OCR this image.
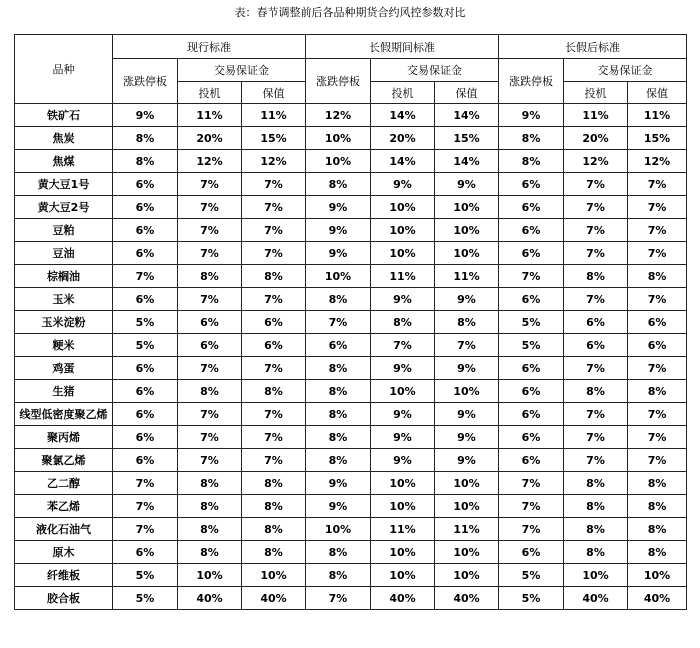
表：春节调整前后各品种期货合约风控参数对比
品种	现行标准			长假期间标准			长假后标准		
	涨跌停板	交易保证金		涨跌停板	交易保证金		涨跌停板	交易保证金	
		投机	保值		投机	保值		投机	保值
铁矿石	9%	11%	11%	12%	14%	14%	9%	11%	11%
焦炭	8%	20%	15%	10%	20%	15%	8%	20%	15%
焦煤	8%	12%	12%	10%	14%	14%	8%	12%	12%
黄大豆1号	6%	7%	7%	8%	9%	9%	6%	7%	7%
黄大豆2号	6%	7%	7%	9%	10%	10%	6%	7%	7%
豆粕	6%	7%	7%	9%	10%	10%	6%	7%	7%
豆油	6%	7%	7%	9%	10%	10%	6%	7%	7%
棕榈油	7%	8%	8%	10%	11%	11%	7%	8%	8%
玉米	6%	7%	7%	8%	9%	9%	6%	7%	7%
玉米淀粉	5%	6%	6%	7%	8%	8%	5%	6%	6%
粳米	5%	6%	6%	6%	7%	7%	5%	6%	6%
鸡蛋	6%	7%	7%	8%	9%	9%	6%	7%	7%
生猪	6%	8%	8%	8%	10%	10%	6%	8%	8%
线型低密度聚乙烯	6%	7%	7%	8%	9%	9%	6%	7%	7%
聚丙烯	6%	7%	7%	8%	9%	9%	6%	7%	7%
聚氯乙烯	6%	7%	7%	8%	9%	9%	6%	7%	7%
乙二醇	7%	8%	8%	9%	10%	10%	7%	8%	8%
苯乙烯	7%	8%	8%	9%	10%	10%	7%	8%	8%
液化石油气	7%	8%	8%	10%	11%	11%	7%	8%	8%
原木	6%	8%	8%	8%	10%	10%	6%	8%	8%
纤维板	5%	10%	10%	8%	10%	10%	5%	10%	10%
胶合板	5%	40%	40%	7%	40%	40%	5%	40%	40%
